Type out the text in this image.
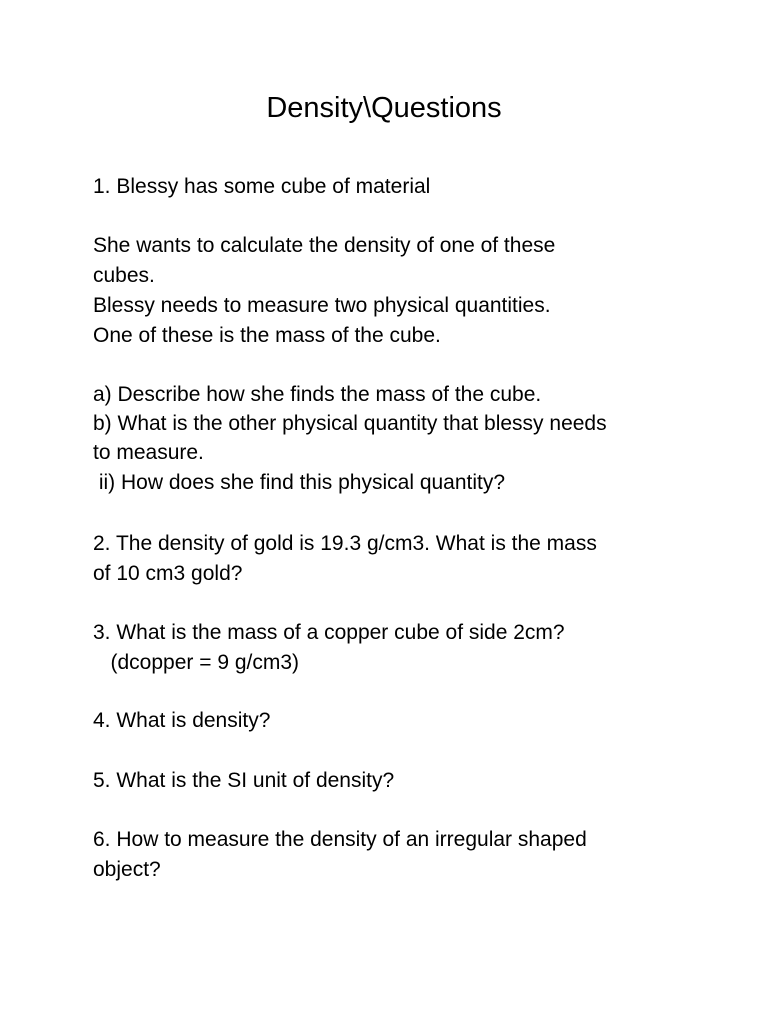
Density\Questions
1. Blessy has some cube of material
She wants to calculate the density of one of these
cubes.
Blessy needs to measure two physical quantities.
One of these is the mass of the cube.
a) Describe how she finds the mass of the cube.
b) What is the other physical quantity that blessy needs
to measure.
ii) How does she find this physical quantity?
2. The density of gold is 19.3 g/cm3. What is the mass
of 10 cm3 gold?
3. What is the mass of a copper cube of side 2cm?
(dcopper = 9 g/cm3)
4. What is density?
5. What is the SI unit of density?
6. How to measure the density of an irregular shaped
object?
